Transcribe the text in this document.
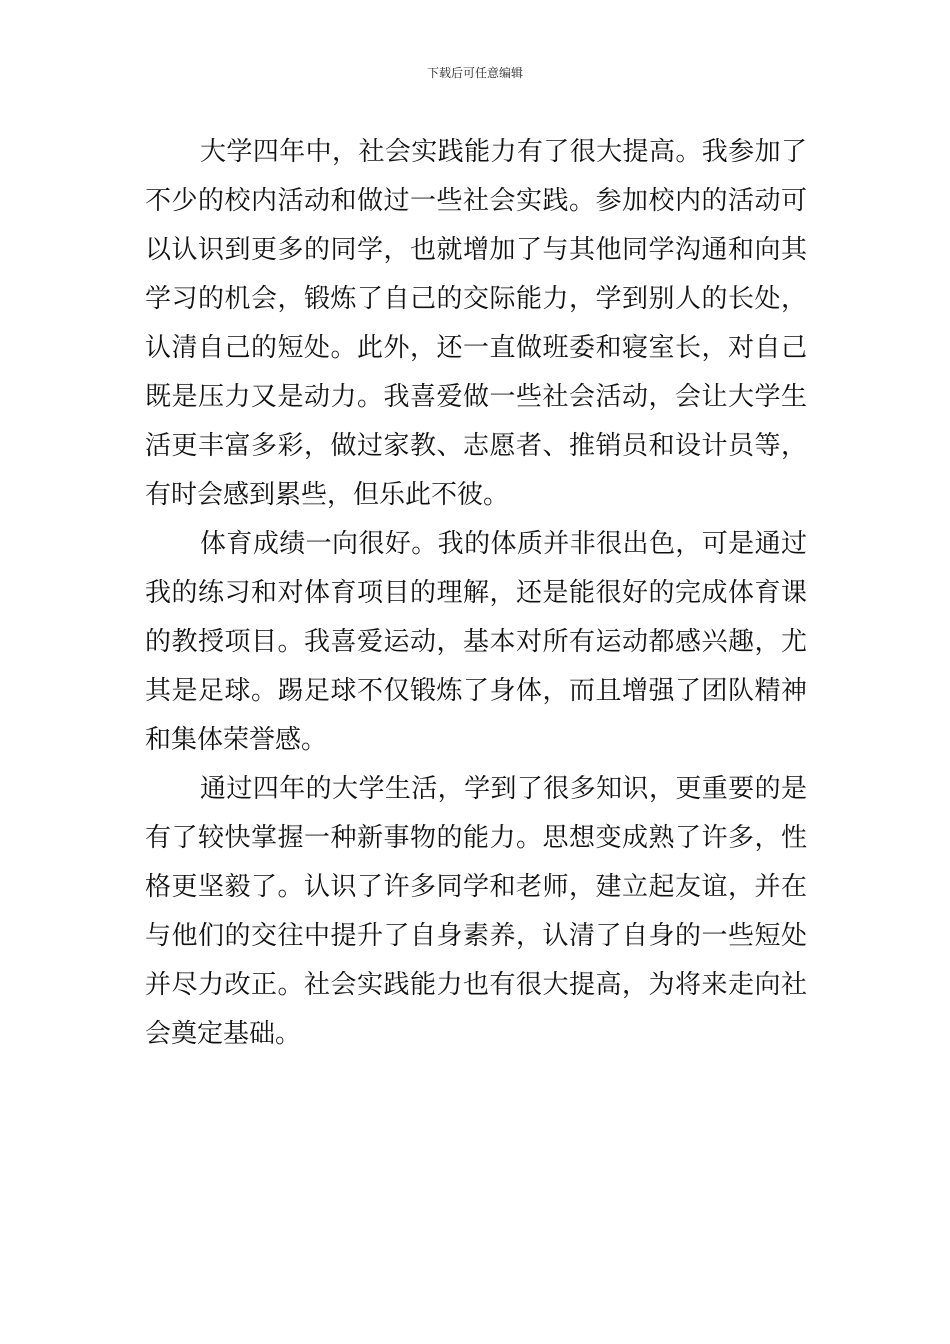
下载后可任意编辑

大学四年中，社会实践能力有了很大提高。我参加了不少的校内活动和做过一些社会实践。参加校内的活动可以认识到更多的同学，也就增加了与其他同学沟通和向其学习的机会，锻炼了自己的交际能力，学到别人的长处，认清自己的短处。此外，还一直做班委和寝室长，对自己既是压力又是动力。我喜爱做一些社会活动，会让大学生活更丰富多彩，做过家教、志愿者、推销员和设计员等，有时会感到累些，但乐此不彼。

体育成绩一向很好。我的体质并非很出色，可是通过我的练习和对体育项目的理解，还是能很好的完成体育课的教授项目。我喜爱运动，基本对所有运动都感兴趣，尤其是足球。踢足球不仅锻炼了身体，而且增强了团队精神和集体荣誉感。

通过四年的大学生活，学到了很多知识，更重要的是有了较快掌握一种新事物的能力。思想变成熟了许多，性格更坚毅了。认识了许多同学和老师，建立起友谊，并在与他们的交往中提升了自身素养，认清了自身的一些短处并尽力改正。社会实践能力也有很大提高，为将来走向社会奠定基础。
